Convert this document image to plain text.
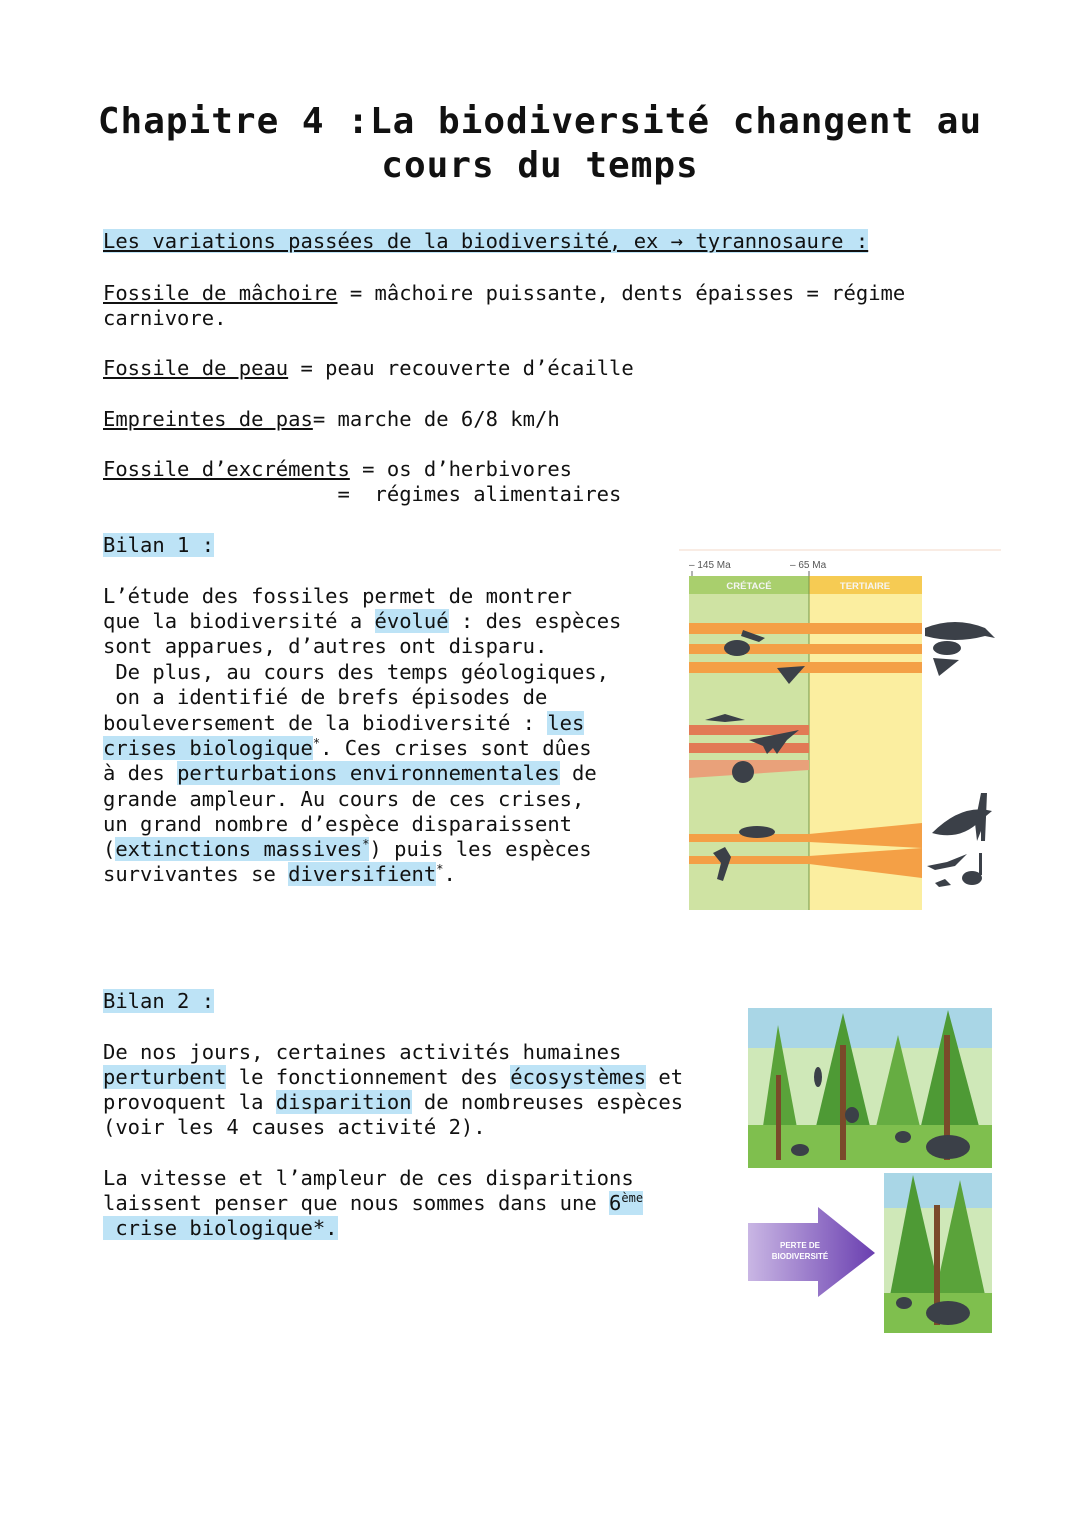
Chapitre 4 :La biodiversité changent au
cours du temps
Les variations passées de la biodiversité, ex → tyrannosaure :
Fossile de mâchoire = mâchoire puissante, dents épaisses = régime
carnivore.
Fossile de peau = peau recouverte d’écaille
Empreintes de pas= marche de 6/8 km/h
Fossile d’excréments = os d’herbivores
=  régimes alimentaires
Bilan 1 :
L’étude des fossiles permet de montrer
que la biodiversité a évolué : des espèces
sont apparues, d’autres ont disparu.
De plus, au cours des temps géologiques,
on a identifié de brefs épisodes de
bouleversement de la biodiversité : les
crises biologique*. Ces crises sont dûes
à des perturbations environnementales de
grande ampleur. Au cours de ces crises,
un grand nombre d’espèce disparaissent
(extinctions massives*) puis les espèces
survivantes se diversifient*.
– 145 Ma	– 65 Ma
CRÉTACÉ	TERTIAIRE
Bilan 2 :
De nos jours, certaines activités humaines
perturbent le fonctionnement des écosystèmes et
provoquent la disparition de nombreuses espèces
(voir les 4 causes activité 2).
La vitesse et l’ampleur de ces disparitions
laissent penser que nous sommes dans une 6ème
crise biologique*.
PERTE DE
BIODIVERSITÉ
